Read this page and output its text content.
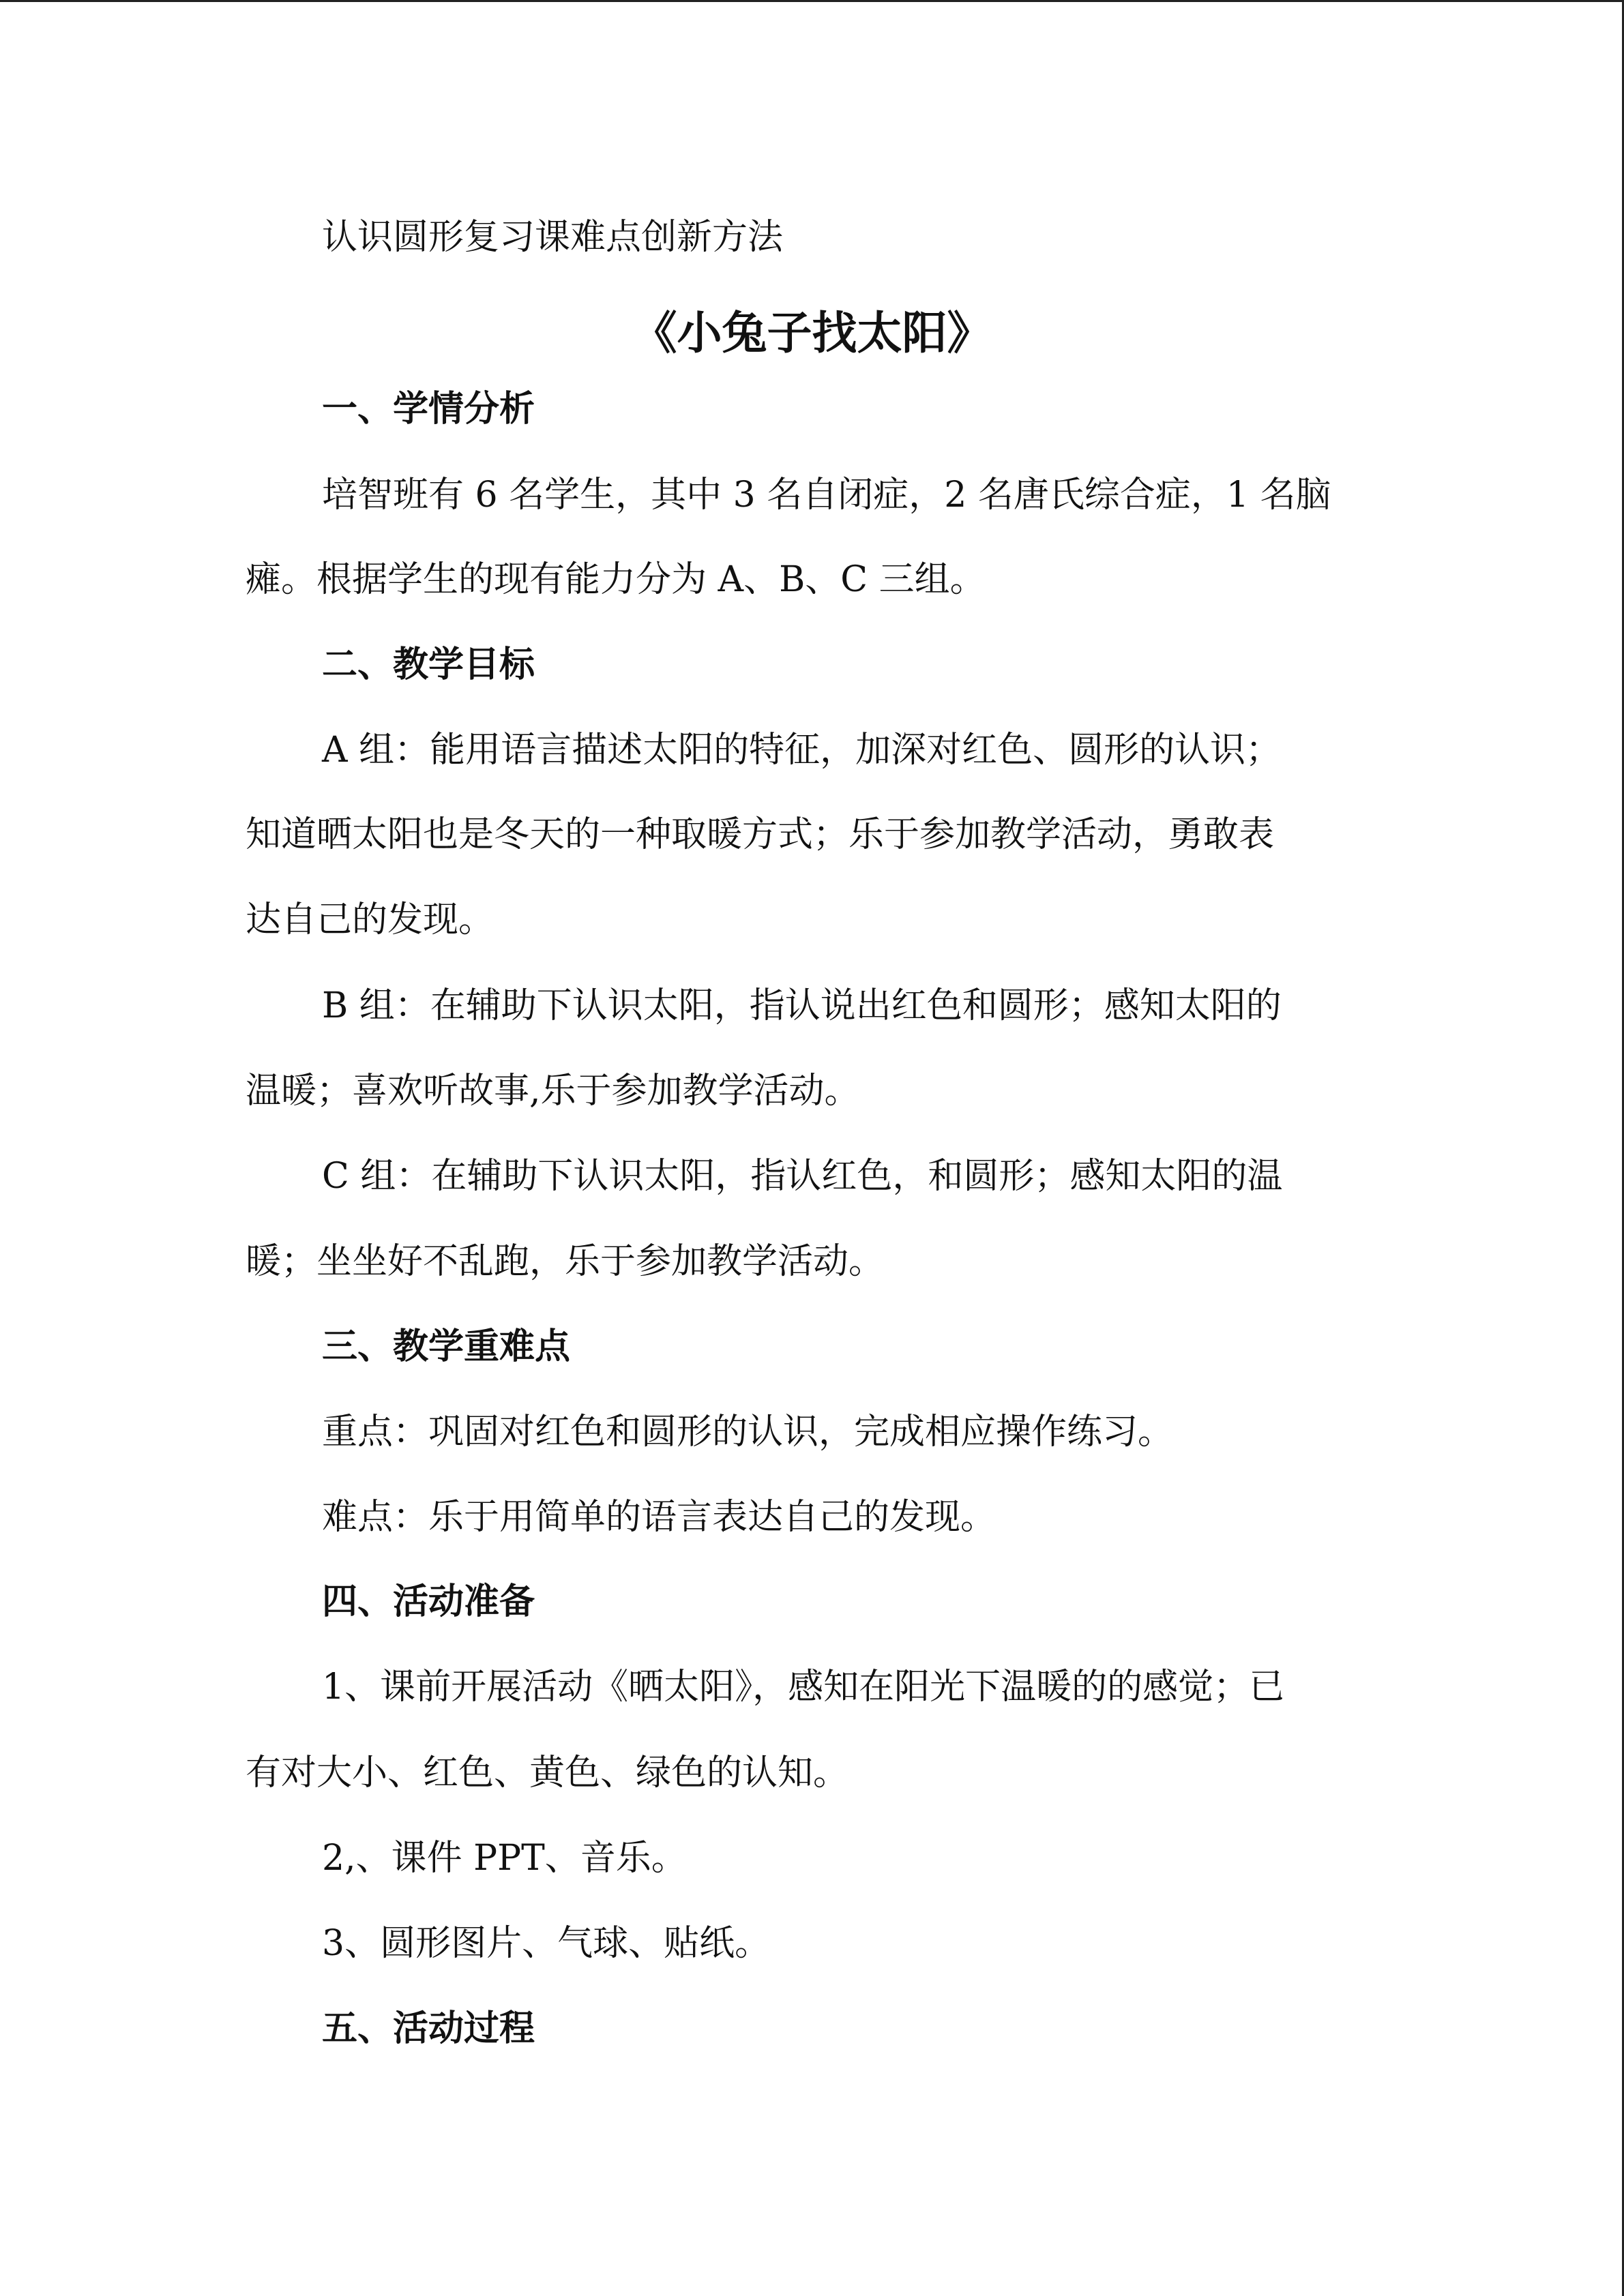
认识圆形复习课难点创新方法
《小兔子找太阳》
一、学情分析
培智班有 6 名学生，其中 3 名自闭症，2 名唐氏综合症，1 名脑
瘫。根据学生的现有能力分为 A、B、C 三组。
二、教学目标
A 组：能用语言描述太阳的特征，加深对红色、圆形的认识；
知道晒太阳也是冬天的一种取暖方式；乐于参加教学活动，勇敢表
达自己的发现。
B 组：在辅助下认识太阳，指认说出红色和圆形；感知太阳的
温暖；喜欢听故事,乐于参加教学活动。
C 组：在辅助下认识太阳，指认红色，和圆形；感知太阳的温
暖；坐坐好不乱跑，乐于参加教学活动。
三、教学重难点
重点：巩固对红色和圆形的认识，完成相应操作练习。
难点：乐于用简单的语言表达自己的发现。
四、活动准备
1、课前开展活动《晒太阳》，感知在阳光下温暖的的感觉；已
有对大小、红色、黄色、绿色的认知。
2,、课件 PPT、音乐。
3、圆形图片、气球、贴纸。
五、活动过程
